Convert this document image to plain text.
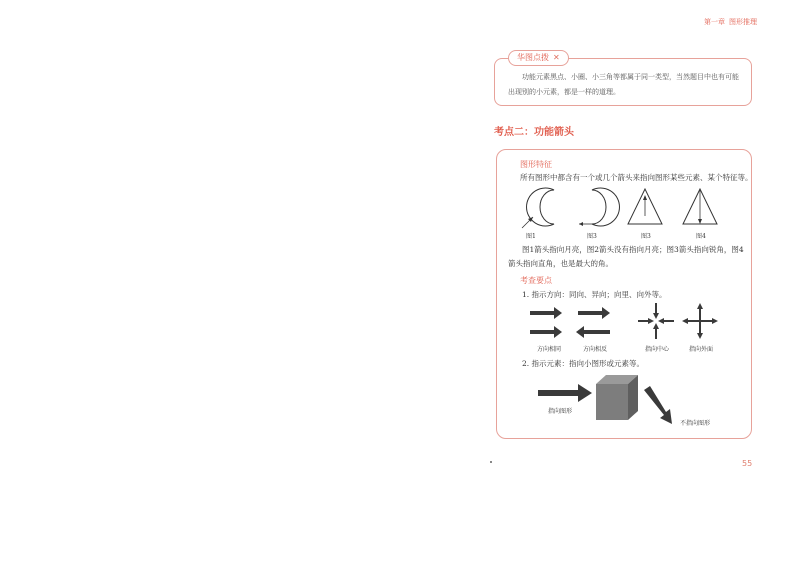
第一章 图形推理
华图点拨 ✕
功能元素黑点、小圈、小三角等都属于同一类型，当然题目中也有可能出现别的小元素，都是一样的道理。
考点二：功能箭头
图形特征
所有图形中都含有一个或几个箭头来指向图形某些元素、某个特征等。
图1	图3	图3	图4
图1箭头指向月亮，图2箭头没有指向月亮；图3箭头指向锐角，图4箭头指向直角，也是最大的角。
考查要点
1. 指示方向：同向、异向；向里、向外等。
方向相同	方向相反	指向中心	指向外面
2. 指示元素：指向小图形或元素等。
指向图形
不指向图形
55
